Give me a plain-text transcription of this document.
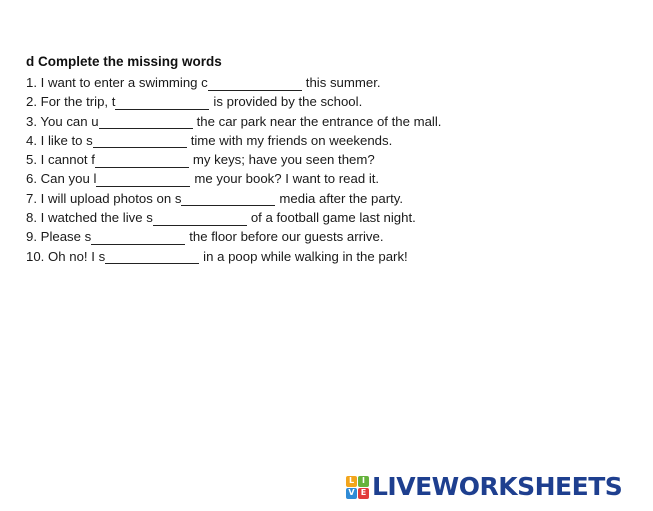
d Complete the missing words
1. I want to enter a swimming c	this summer.
2. For the trip, t	is provided by the school.
3. You can u	the car park near the entrance of the mall.
4. I like to s	time with my friends on weekends.
5. I cannot f	my keys; have you seen them?
6. Can you l	me your book? I want to read it.
7. I will upload photos on s	media after the party.
8. I watched the live s	of a football game last night.
9. Please s	the floor before our guests arrive.
10. Oh no! I s	in a poop while walking in the park!
L I
V E LIVEWORKSHEETS
